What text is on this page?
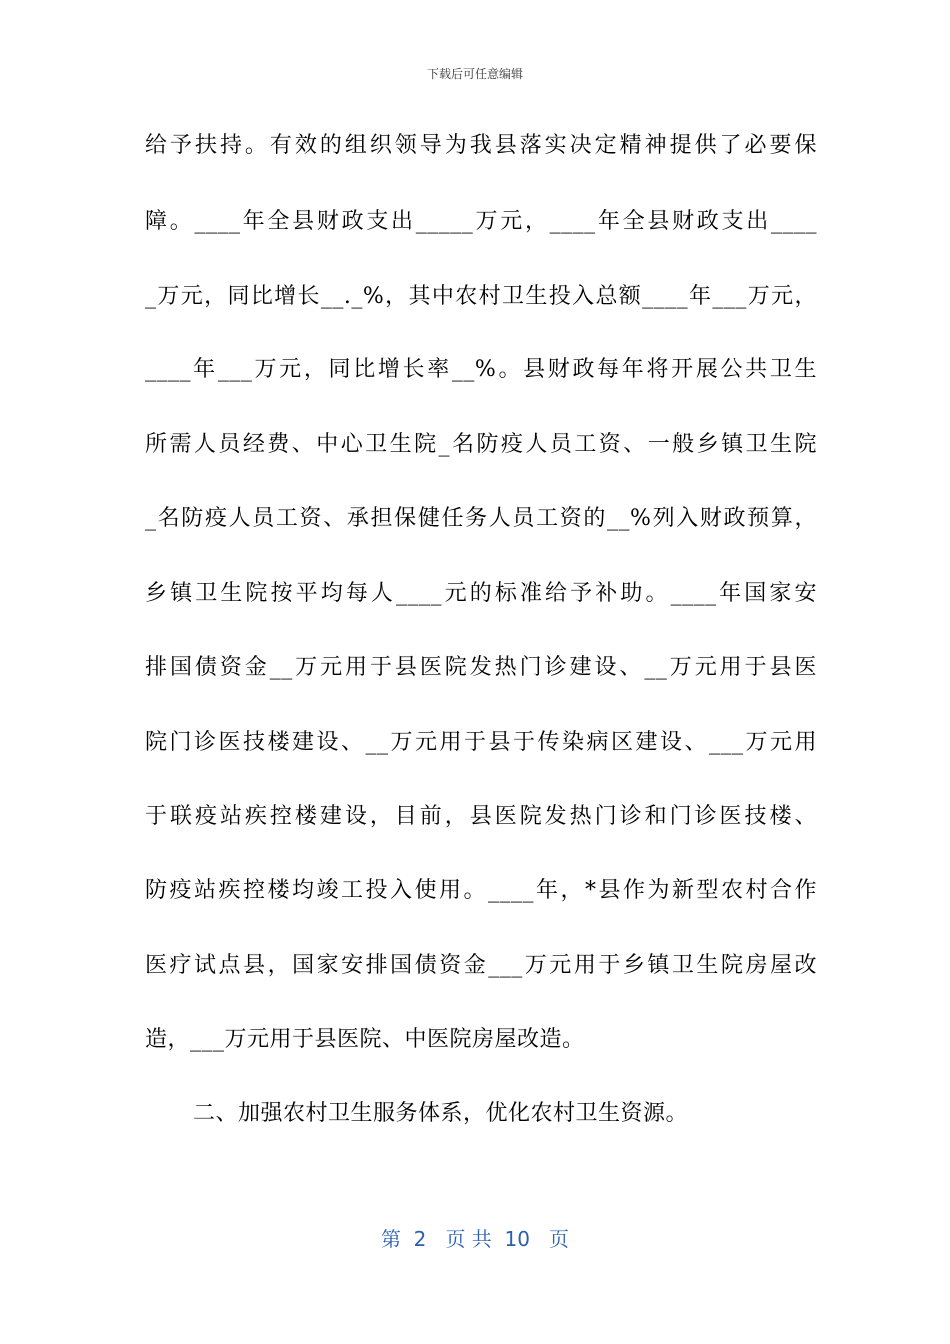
下载后可任意编辑
给予扶持。有效的组织领导为我县落实决定精神提供了必要保
障。____年全县财政支出_____万元，____年全县财政支出____
_万元，同比增长__._%，其中农村卫生投入总额____年___万元，
____年___万元，同比增长率__%。县财政每年将开展公共卫生
所需人员经费、中心卫生院_名防疫人员工资、一般乡镇卫生院
_名防疫人员工资、承担保健任务人员工资的__%列入财政预算，
乡镇卫生院按平均每人____元的标准给予补助。____年国家安
排国债资金__万元用于县医院发热门诊建设、__万元用于县医
院门诊医技楼建设、__万元用于县于传染病区建设、___万元用
于联疫站疾控楼建设，目前，县医院发热门诊和门诊医技楼、
防疫站疾控楼均竣工投入使用。____年，*县作为新型农村合作
医疗试点县，国家安排国债资金___万元用于乡镇卫生院房屋改
造，___万元用于县医院、中医院房屋改造。
二、加强农村卫生服务体系，优化农村卫生资源。
第  2   页 共  10   页
